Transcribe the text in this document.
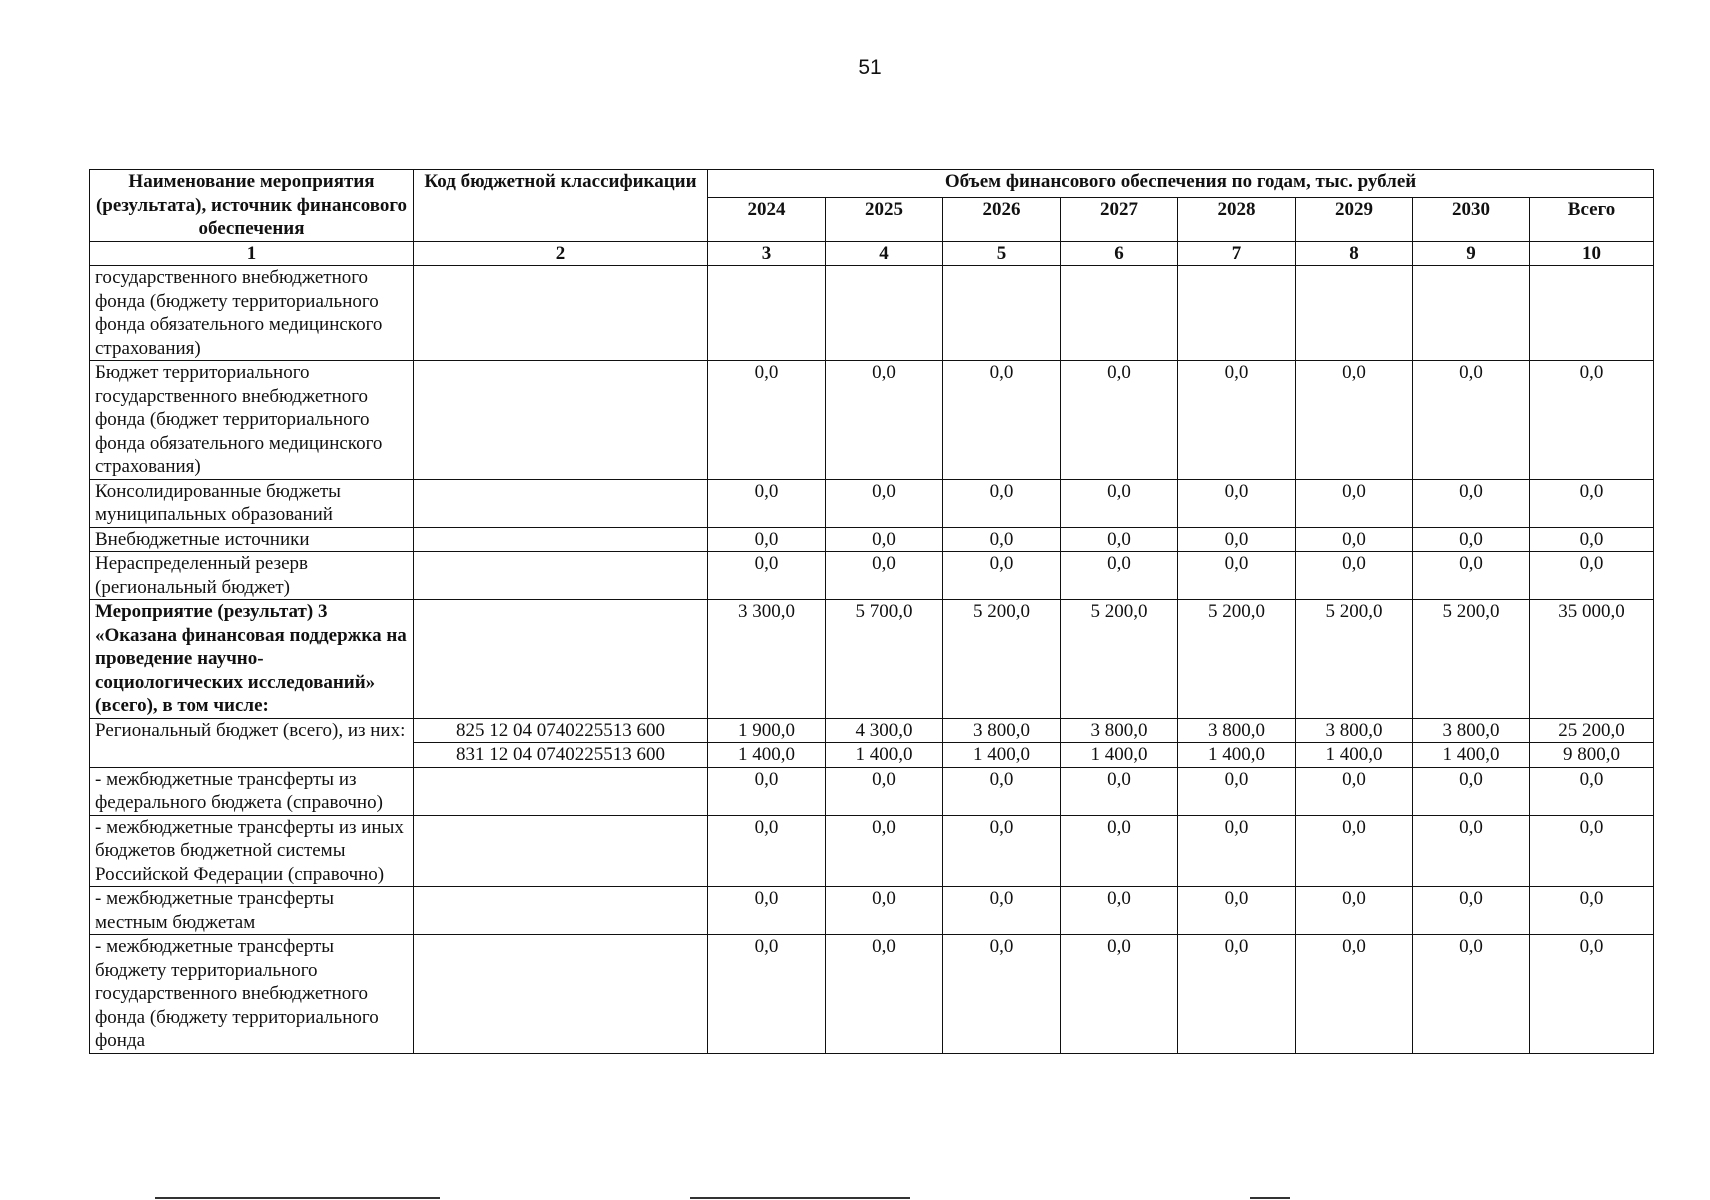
51
Наименование мероприятия (результата), источник финансового обеспечения	Код бюджетной классификации	Объем финансового обеспечения по годам, тыс. рублей							
		2024	2025	2026	2027	2028	2029	2030	Всего
1	2	3	4	5	6	7	8	9	10
государственного внебюджетного фонда (бюджету территориального фонда обязательного медицинского страхования)									
Бюджет территориального государственного внебюджетного фонда (бюджет территориального фонда обязательного медицинского страхования)		0,0	0,0	0,0	0,0	0,0	0,0	0,0	0,0
Консолидированные бюджеты муниципальных образований		0,0	0,0	0,0	0,0	0,0	0,0	0,0	0,0
Внебюджетные источники		0,0	0,0	0,0	0,0	0,0	0,0	0,0	0,0
Нераспределенный резерв (региональный бюджет)		0,0	0,0	0,0	0,0	0,0	0,0	0,0	0,0
Мероприятие (результат) 3 «Оказана финансовая поддержка на проведение научно-социологических исследований» (всего), в том числе:		3 300,0	5 700,0	5 200,0	5 200,0	5 200,0	5 200,0	5 200,0	35 000,0
Региональный бюджет (всего), из них:	825 12 04 0740225513 600	1 900,0	4 300,0	3 800,0	3 800,0	3 800,0	3 800,0	3 800,0	25 200,0
	831 12 04 0740225513 600	1 400,0	1 400,0	1 400,0	1 400,0	1 400,0	1 400,0	1 400,0	9 800,0
- межбюджетные трансферты из федерального бюджета (справочно)		0,0	0,0	0,0	0,0	0,0	0,0	0,0	0,0
- межбюджетные трансферты из иных бюджетов бюджетной системы Российской Федерации (справочно)		0,0	0,0	0,0	0,0	0,0	0,0	0,0	0,0
- межбюджетные трансферты местным бюджетам		0,0	0,0	0,0	0,0	0,0	0,0	0,0	0,0
- межбюджетные трансферты бюджету территориального государственного внебюджетного фонда (бюджету территориального фонда		0,0	0,0	0,0	0,0	0,0	0,0	0,0	0,0
